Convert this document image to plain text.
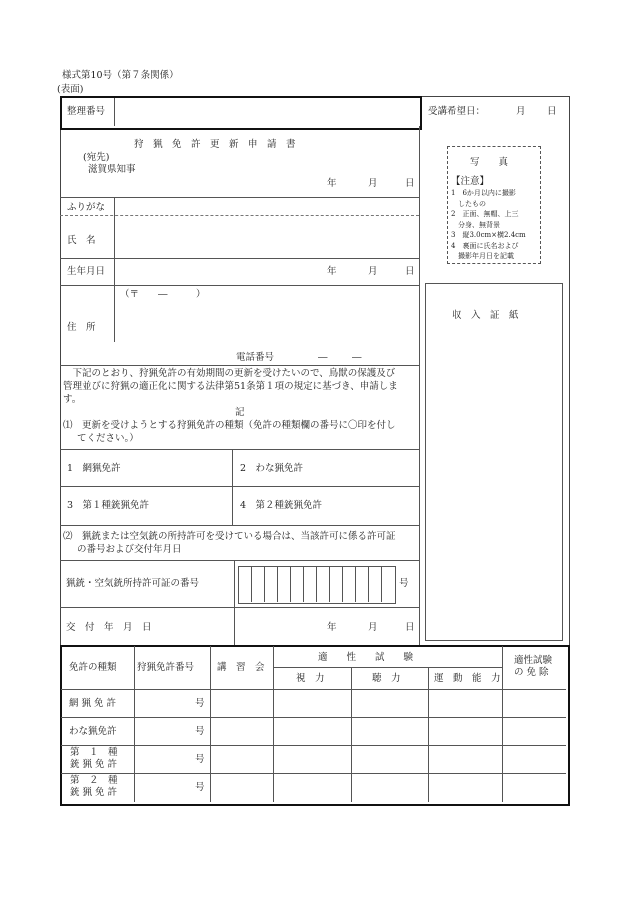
様式第10号（第７条関係）
(表面)
整理番号	受講希望日：	月 日
狩　猟　免　許　更　新　申　請　書
(宛先)
滋賀県知事
年	月	日
ふりがな
氏　名
生年月日	年	月	日
（〒　　―　　　）
住　所
電話番号	―	―
　下記のとおり、狩猟免許の有効期間の更新を受けたいので、鳥獣の保護及び
管理並びに狩猟の適正化に関する法律第51条第１項の規定に基づき、申請しま
す。
記
⑴　更新を受けようとする狩猟免許の種類（免許の種類欄の番号に〇印を付し
てください。）
1　網猟免許	2　わな猟免許
3　第１種銃猟免許	4　第２種銃猟免許
⑵　猟銃または空気銃の所持許可を受けている場合は、当該許可に係る許可証
の番号および交付年月日
猟銃・空気銃所持許可証の番号	号
交　付　年　月　日	年	月	日
写　　真
【注意】
1　6か月以内に撮影
　したもの
2　正面、無帽、上三
　分身、無背景
3　縦3.0cm×横2.4cm
4　裏面に氏名および
　撮影年月日を記載
収　入　証　紙
免許の種類 狩猟免許番号 講　習　会
適　　性　　試　　験
視　力	聴　力	運　動　能　力
適性試験
の 免 除
網 猟 免 許	号
わな猟免許	号
第　１　種
銃 猟 免 許	号
第　２　種
銃 猟 免 許	号
